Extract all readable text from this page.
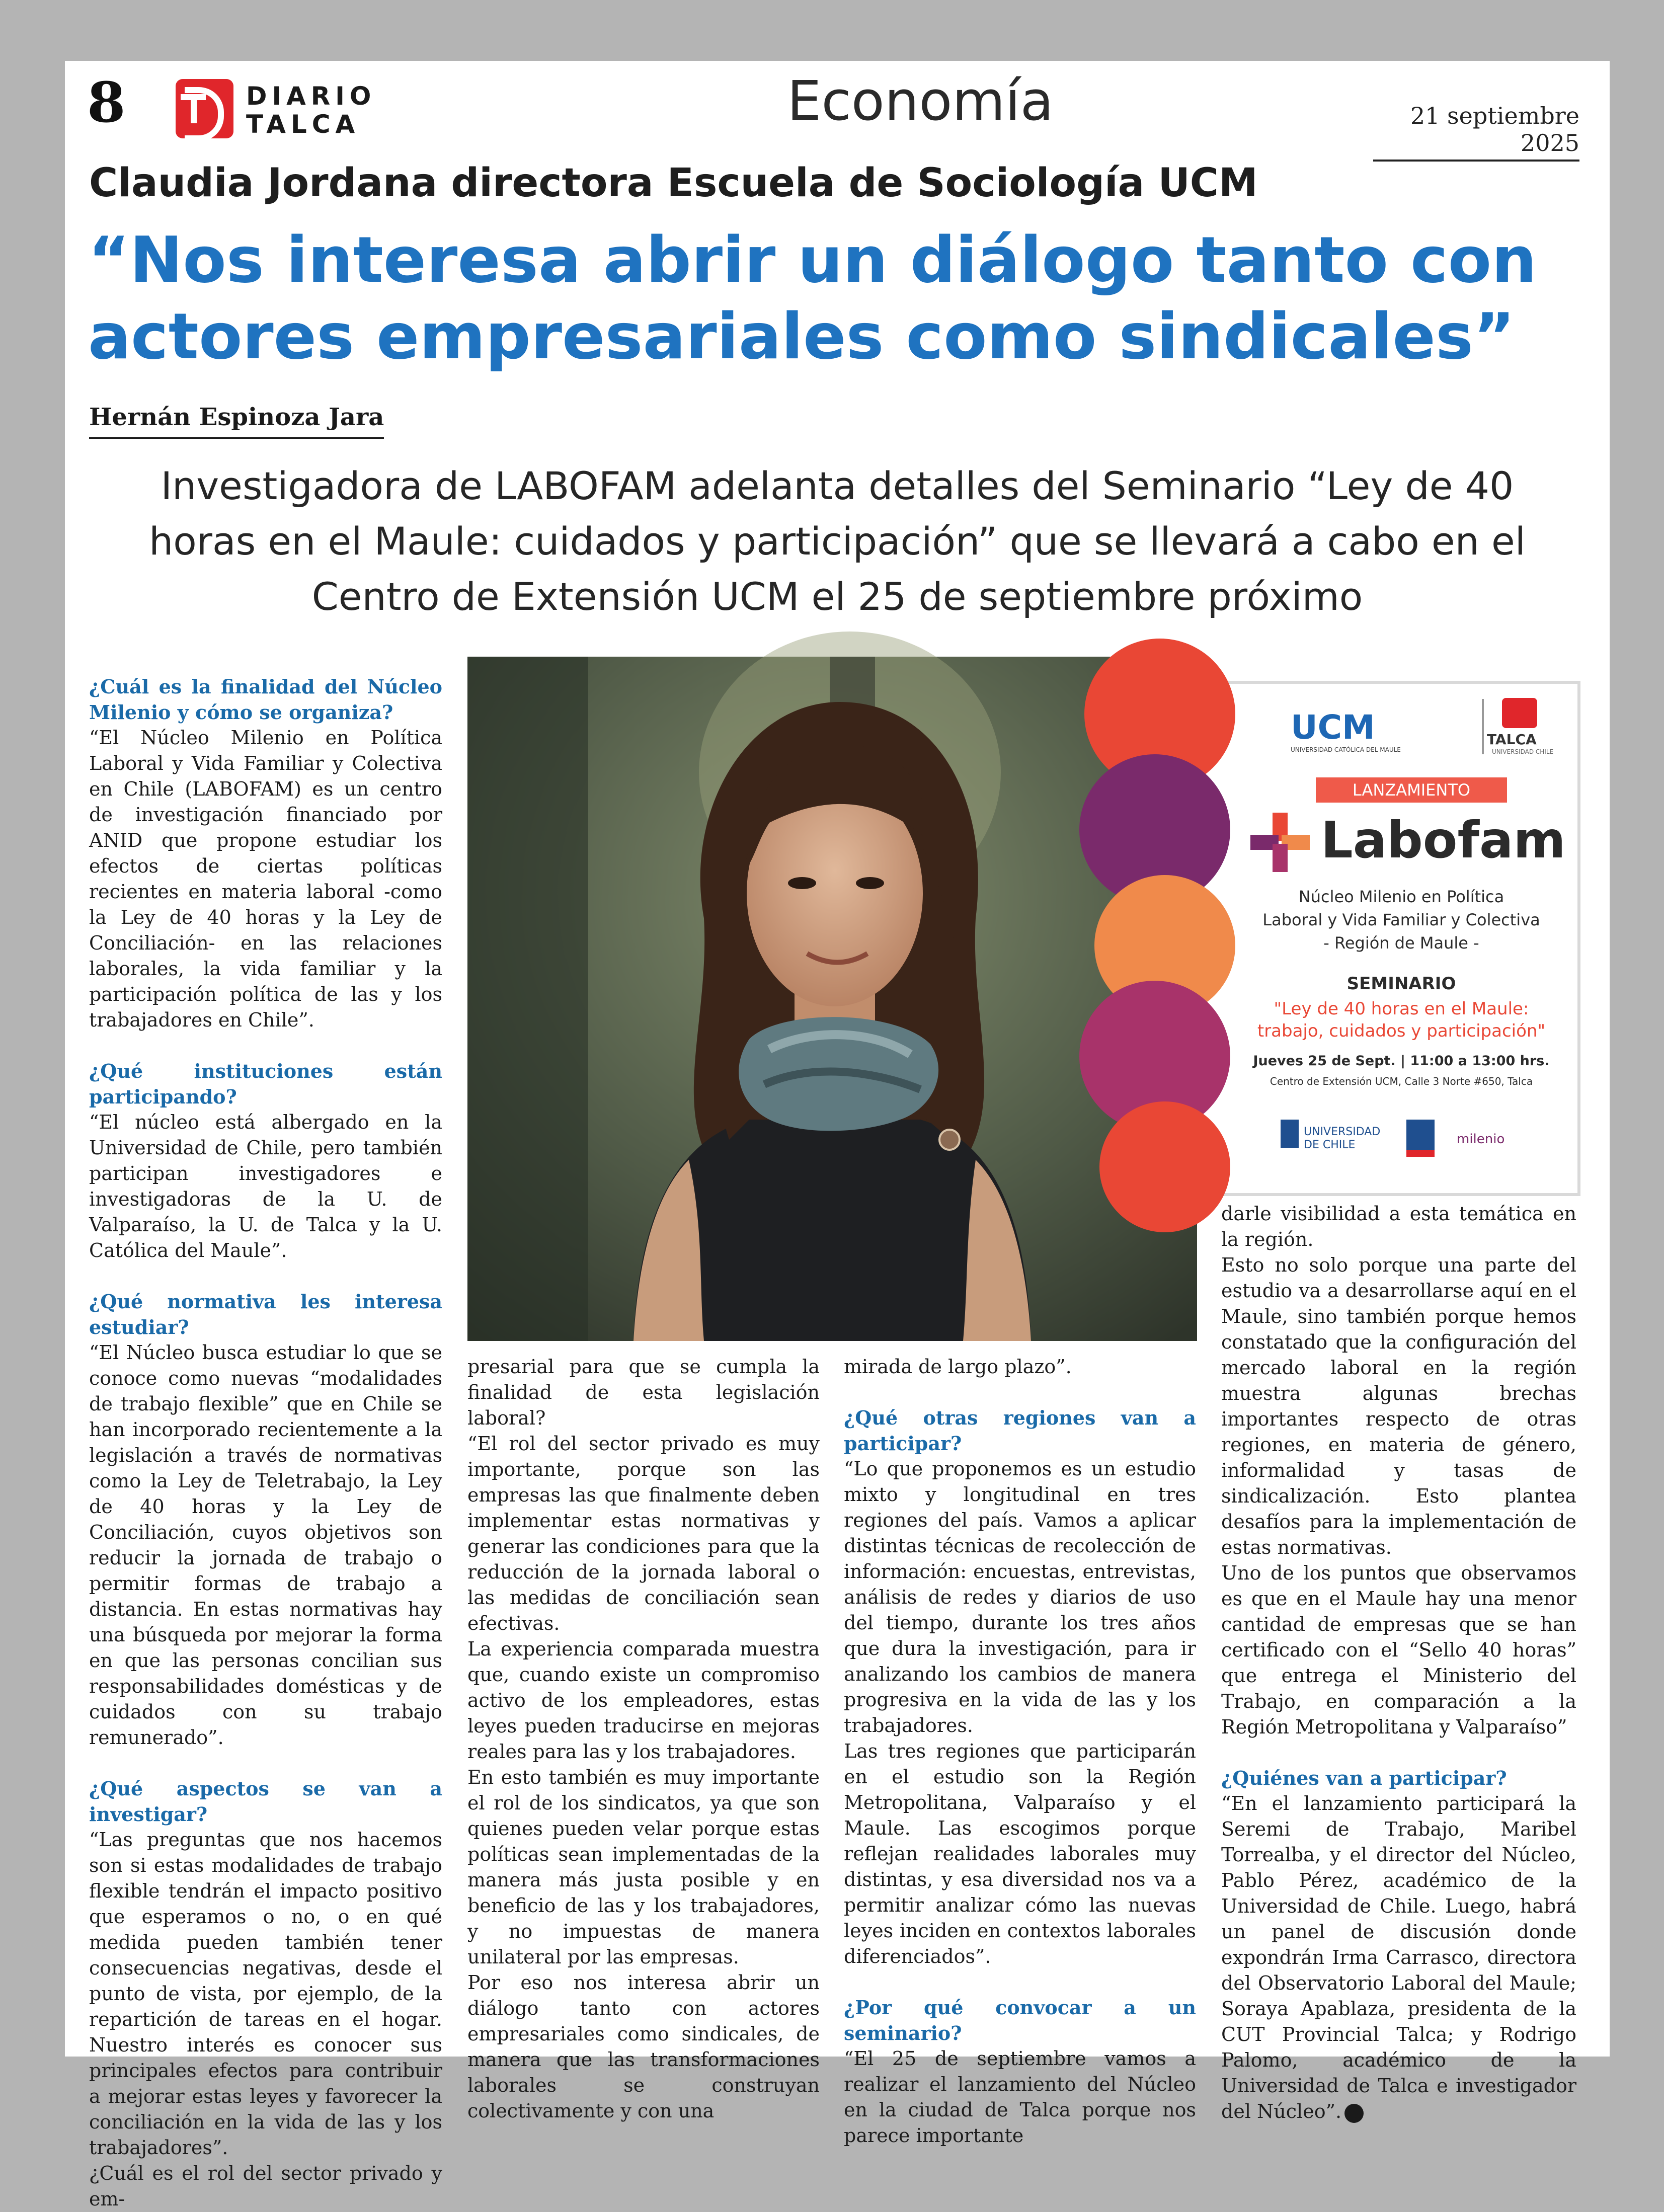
8	DIARIO
TALCA	Economía	21 septiembre 2025
Claudia Jordana directora Escuela de Sociología UCM
“Nos interesa abrir un diálogo tanto con
actores empresariales como sindicales”
Hernán Espinoza Jara
Investigadora de LABOFAM adelanta detalles del Seminario “Ley de 40
horas en el Maule: cuidados y participación” que se llevará a cabo en el
Centro de Extensión UCM el 25 de septiembre próximo

¿Cuál es la finalidad del Núcleo Milenio y cómo se organiza?

“El Núcleo Milenio en Política Laboral y Vida Familiar y Colectiva en Chile (LABOFAM) es un centro de investigación financiado por ANID que propone estudiar los efectos de ciertas políticas recientes en materia laboral -como la Ley de 40 horas y la Ley de Conciliación- en las relaciones laborales, la vida familiar y la participación política de las y los trabajadores en Chile”.

¿Qué instituciones están participando?

“El núcleo está albergado en la Universidad de Chile, pero también participan investigadores e investigadoras de la U. de Valparaíso, la U. de Talca y la U. Católica del Maule”.

¿Qué normativa les interesa estudiar?

“El Núcleo busca estudiar lo que se conoce como nuevas “modalidades de trabajo flexible” que en Chile se han incorporado recientemente a la legislación a través de normativas como la Ley de Teletrabajo, la Ley de 40 horas y la Ley de Conciliación, cuyos objetivos son reducir la jornada de trabajo o permitir formas de trabajo a distancia. En estas normativas hay una búsqueda por mejorar la forma en que las personas concilian sus responsabilidades domésticas y de cuidados con su trabajo remunerado”.

¿Qué aspectos se van a investigar?

“Las preguntas que nos hacemos son si estas modalidades de trabajo flexible tendrán el impacto positivo que esperamos o no, o en qué medida pueden también tener consecuencias negativas, desde el punto de vista, por ejemplo, de la repartición de tareas en el hogar. Nuestro interés es conocer sus principales efectos para contribuir a mejorar estas leyes y favorecer la conciliación en la vida de las y los trabajadores”.

¿Cuál es el rol del sector privado y em-

UCM
UNIVERSIDAD CATÓLICA DEL MAULE
TALCA
UNIVERSIDAD CHILE
LANZAMIENTO
Labofam
Núcleo Milenio en Política
Laboral y Vida Familiar y Colectiva
- Región de Maule -
SEMINARIO
"Ley de 40 horas en el Maule:
trabajo, cuidados y participación"
Jueves 25 de Sept. | 11:00 a 13:00 hrs.
Centro de Extensión UCM, Calle 3 Norte #650, Talca
UNIVERSIDAD DE CHILE	milenio

presarial para que se cumpla la finalidad de esta legislación laboral?

“El rol del sector privado es muy importante, porque son las empresas las que finalmente deben implementar estas normativas y generar las condiciones para que la reducción de la jornada laboral o las medidas de conciliación sean efectivas.

La experiencia comparada muestra que, cuando existe un compromiso activo de los empleadores, estas leyes pueden traducirse en mejoras reales para las y los trabajadores.

En esto también es muy importante el rol de los sindicatos, ya que son quienes pueden velar porque estas políticas sean implementadas de la manera más justa posible y en beneficio de las y los trabajadores, y no impuestas de manera unilateral por las empresas.

Por eso nos interesa abrir un diálogo tanto con actores empresariales como sindicales, de manera que las transformaciones laborales se construyan colectivamente y con una

mirada de largo plazo”.

¿Qué otras regiones van a participar?

“Lo que proponemos es un estudio mixto y longitudinal en tres regiones del país. Vamos a aplicar distintas técnicas de recolección de información: encuestas, entrevistas, análisis de redes y diarios de uso del tiempo, durante los tres años que dura la investigación, para ir analizando los cambios de manera progresiva en la vida de las y los trabajadores.

Las tres regiones que participarán en el estudio son la Región Metropolitana, Valparaíso y el Maule. Las escogimos porque reflejan realidades laborales muy distintas, y esa diversidad nos va a permitir analizar cómo las nuevas leyes inciden en contextos laborales diferenciados”.

¿Por qué convocar a un seminario?

“El 25 de septiembre vamos a realizar el lanzamiento del Núcleo en la ciudad de Talca porque nos parece importante

darle visibilidad a esta temática en la región.

Esto no solo porque una parte del estudio va a desarrollarse aquí en el Maule, sino también porque hemos constatado que la configuración del mercado laboral en la región muestra algunas brechas importantes respecto de otras regiones, en materia de género, informalidad y tasas de sindicalización. Esto plantea desafíos para la implementación de estas normativas.

Uno de los puntos que observamos es que en el Maule hay una menor cantidad de empresas que se han certificado con el “Sello 40 horas” que entrega el Ministerio del Trabajo, en comparación a la Región Metropolitana y Valparaíso”

¿Quiénes van a participar?

“En el lanzamiento participará la Seremi de Trabajo, Maribel Torrealba, y el director del Núcleo, Pablo Pérez, académico de la Universidad de Chile. Luego, habrá un panel de discusión donde expondrán Irma Carrasco, directora del Observatorio Laboral del Maule; Soraya Apablaza, presidenta de la CUT Provincial Talca; y Rodrigo Palomo, académico de la Universidad de Talca e investigador del Núcleo”.
